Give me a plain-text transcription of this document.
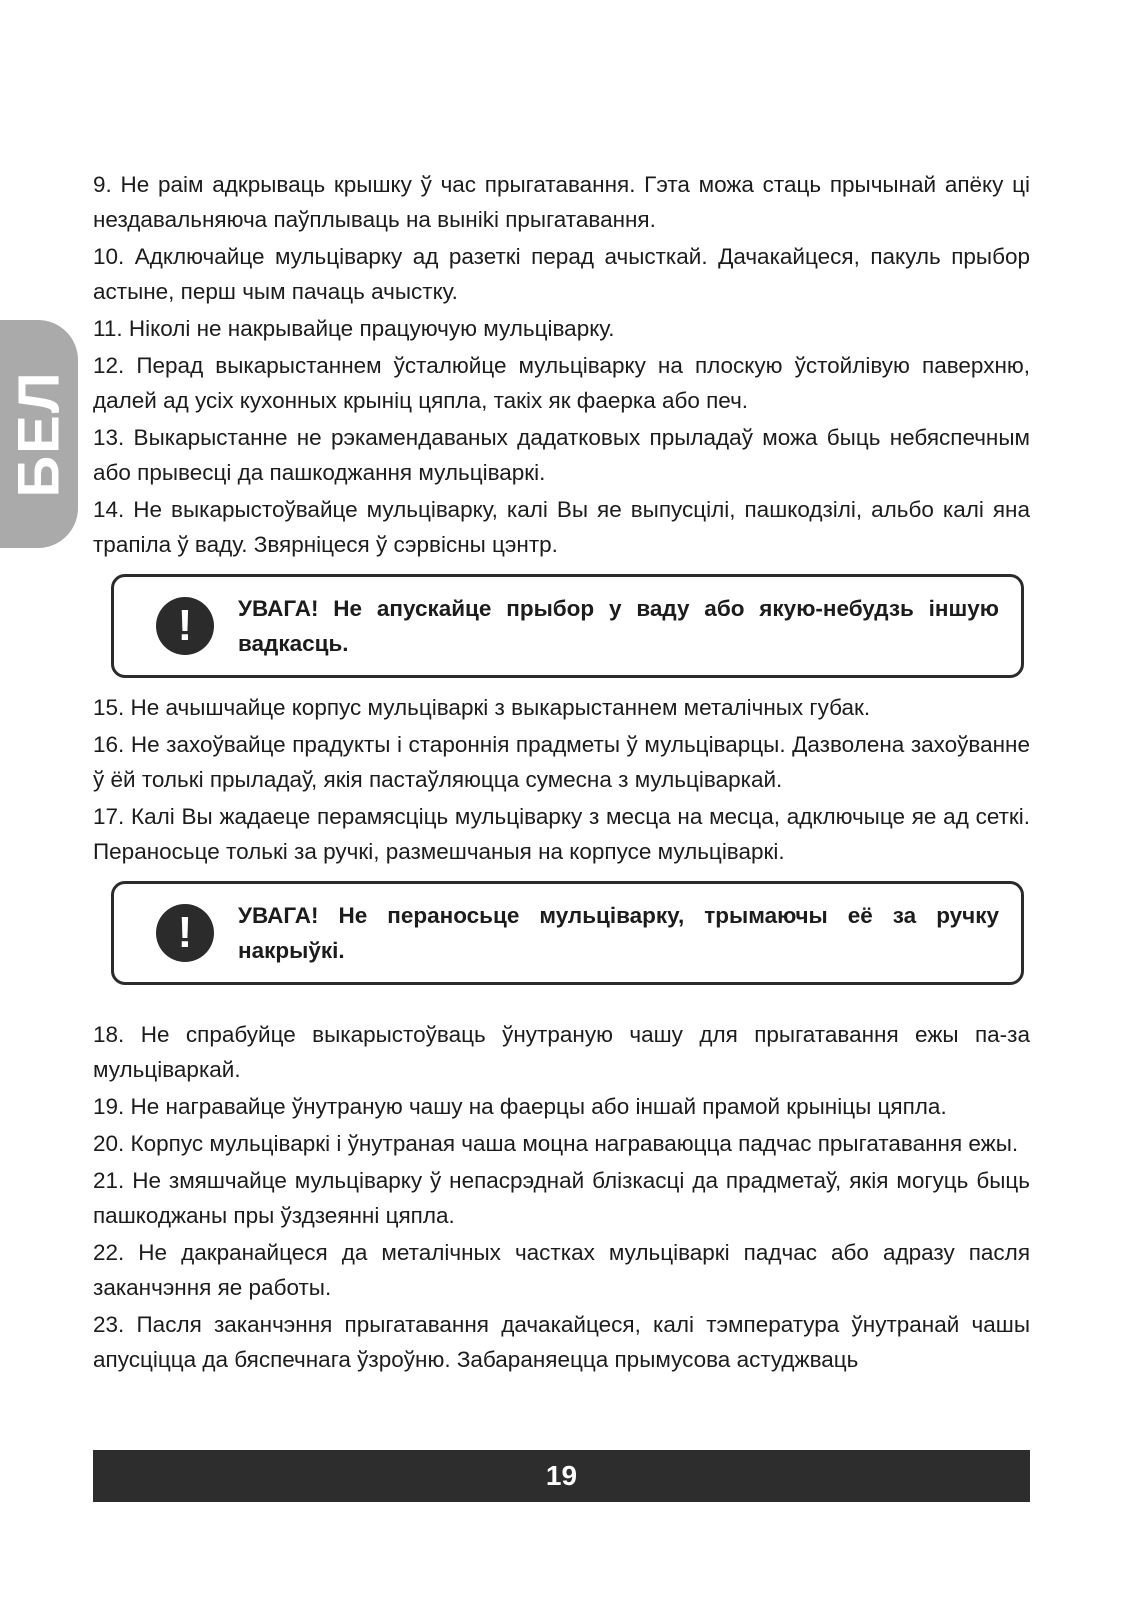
БЕЛ

9. Не раім адкрываць крышку ў час прыгатавання. Гэта можа стаць прычынай апёку ці нездавальняюча паўплываць на выніki прыгатавання.

10. Адключайце мульціварку ад разеткі перад ачысткай. Дачакайцеся, пакуль прыбор астыне, перш чым пачаць ачыстку.

11. Ніколі не накрывайце працуючую мульціварку.

12. Перад выкарыстаннем ўсталюйце мульціварку на плоскую ўстойлівую паверхню, далей ад усіх кухонных крыніц цяпла, такіх як фаерка або печ.

13. Выкарыстанне не рэкамендаваных дадатковых прыладаў можа быць небяспечным або прывесці да пашкоджання мульціваркі.

14. Не выкарыстоўвайце мульціварку, калі Вы яе выпусцілі, пашкодзілі, альбо калі яна трапіла ў ваду. Звярніцеся ў сэрвісны цэнтр.

!	УВАГА! Не апускайце прыбор у ваду або якую-небудзь іншую вадкасць.

15. Не ачышчайце корпус мульціваркі з выкарыстаннем металічных губак.

16. Не захоўвайце прадукты і староннія прадметы ў мульціварцы. Дазволена захоўванне ў ёй толькі прыладаў, якія пастаўляюцца сумесна з мульціваркай.

17. Калі Вы жадаеце перамясціць мульціварку з месца на месца, адключыце яе ад сеткі. Пераносьце толькі за ручкі, размешчаныя на корпусе мульціваркі.

!	УВАГА! Не пераносьце мульціварку, трымаючы её за ручку накрыўкі.

18. Не спрабуйце выкарыстоўваць ўнутраную чашу для прыгатавання ежы па-за мульціваркай.

19. Не награвайце ўнутраную чашу на фаерцы або іншай прамой крыніцы цяпла.

20. Корпус мульціваркі і ўнутраная чаша моцна награваюцца падчас прыгатавання ежы.

21. Не змяшчайце мульціварку ў непасрэднай блізкасці да прадметаў, якія могуць быць пашкоджаны пры ўздзеянні цяпла.

22. Не дакранайцеся да металічных частках мульціваркі падчас або адразу пасля заканчэння яе работы.

23. Пасля заканчэння прыгатавання дачакайцеся, калі тэмпература ўнутранай чашы апусціцца да бяспечнага ўзроўню. Забараняецца прымусова астуджваць

19
